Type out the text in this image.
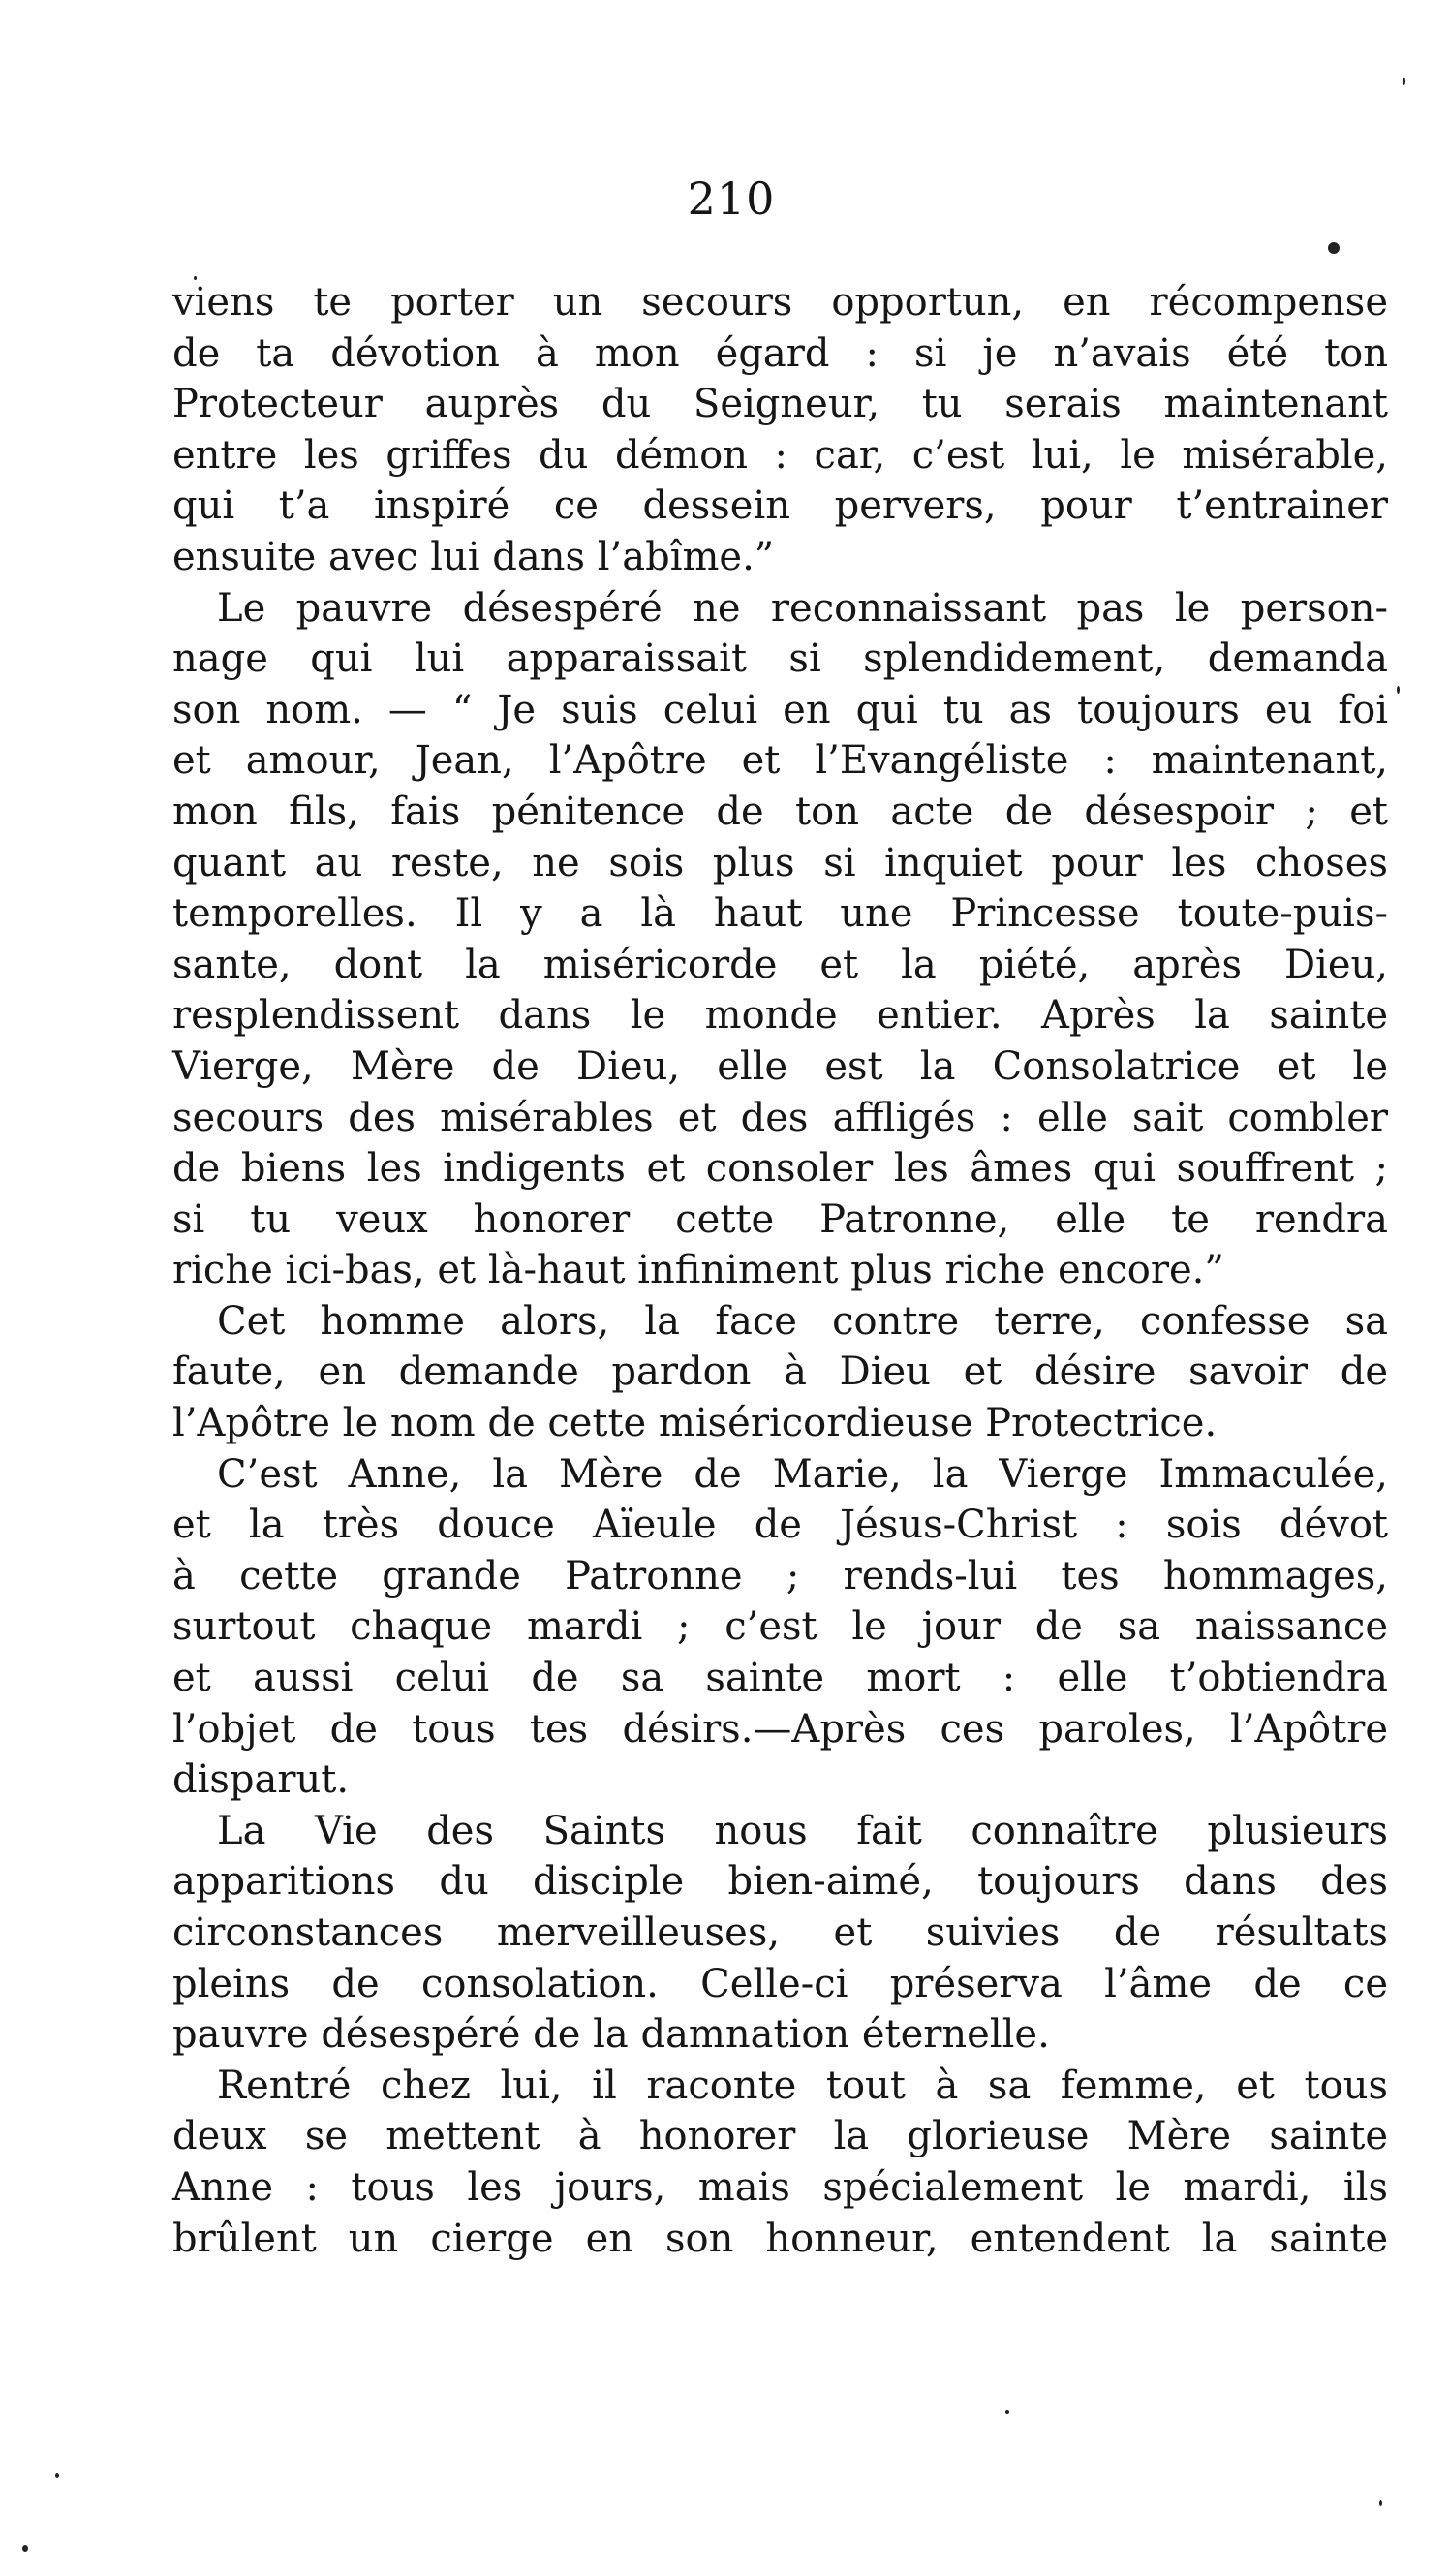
210
viens te porter un secours opportun, en récompense
de ta dévotion à mon égard : si je n’avais été ton
Protecteur auprès du Seigneur, tu serais maintenant
entre les griffes du démon : car, c’est lui, le misérable,
qui t’a inspiré ce dessein pervers, pour t’entrainer
ensuite avec lui dans l’abîme.”
Le pauvre désespéré ne reconnaissant pas le person-
nage qui lui apparaissait si splendidement, demanda
son nom. — “ Je suis celui en qui tu as toujours eu foi
et amour, Jean, l’Apôtre et l’Evangéliste : maintenant,
mon fils, fais pénitence de ton acte de désespoir ; et
quant au reste, ne sois plus si inquiet pour les choses
temporelles. Il y a là haut une Princesse toute-puis-
sante, dont la miséricorde et la piété, après Dieu,
resplendissent dans le monde entier. Après la sainte
Vierge, Mère de Dieu, elle est la Consolatrice et le
secours des misérables et des affligés : elle sait combler
de biens les indigents et consoler les âmes qui souffrent ;
si tu veux honorer cette Patronne, elle te rendra
riche ici-bas, et là-haut infiniment plus riche encore.”
Cet homme alors, la face contre terre, confesse sa
faute, en demande pardon à Dieu et désire savoir de
l’Apôtre le nom de cette miséricordieuse Protectrice.
C’est Anne, la Mère de Marie, la Vierge Immaculée,
et la très douce Aïeule de Jésus-Christ : sois dévot
à cette grande Patronne ; rends-lui tes hommages,
surtout chaque mardi ; c’est le jour de sa naissance
et aussi celui de sa sainte mort : elle t’obtiendra
l’objet de tous tes désirs.—Après ces paroles, l’Apôtre
disparut.
La Vie des Saints nous fait connaître plusieurs
apparitions du disciple bien-aimé, toujours dans des
circonstances merveilleuses, et suivies de résultats
pleins de consolation. Celle-ci préserva l’âme de ce
pauvre désespéré de la damnation éternelle.
Rentré chez lui, il raconte tout à sa femme, et tous
deux se mettent à honorer la glorieuse Mère sainte
Anne : tous les jours, mais spécialement le mardi, ils
brûlent un cierge en son honneur, entendent la sainte
